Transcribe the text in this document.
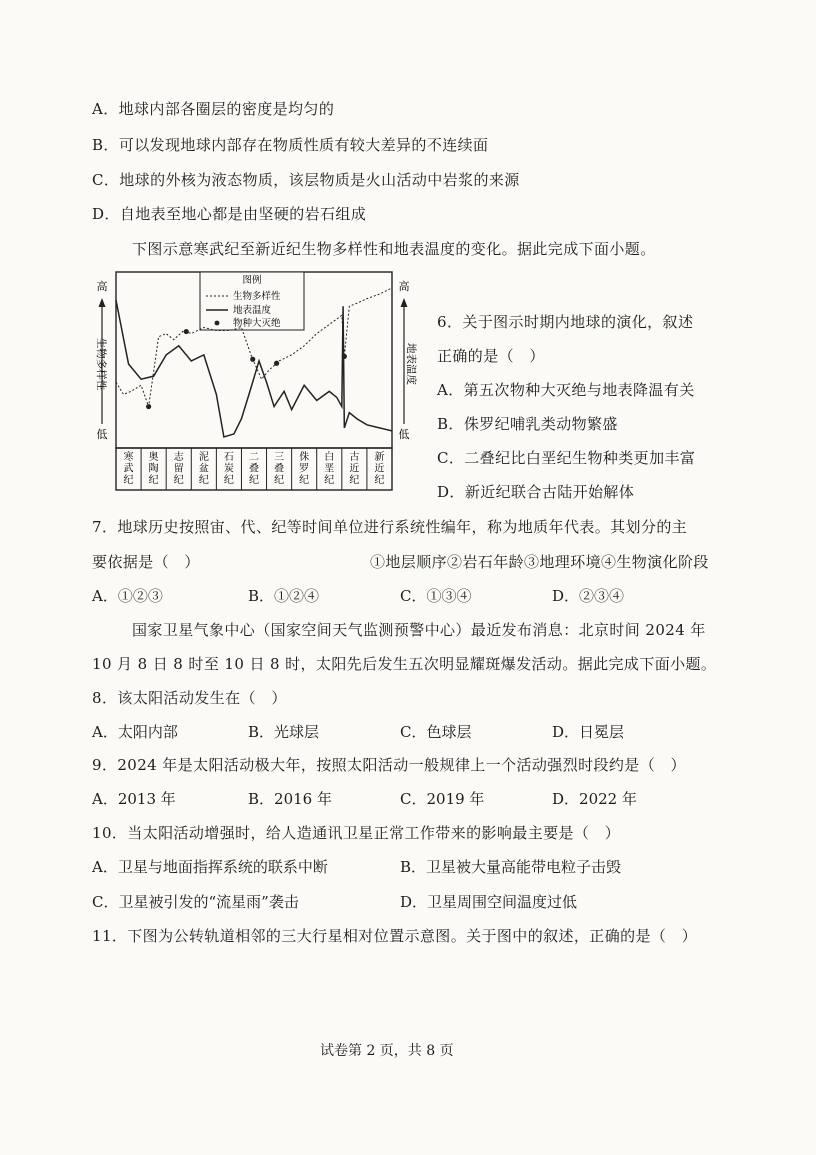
A．地球内部各圈层的密度是均匀的
B．可以发现地球内部存在物质性质有较大差异的不连续面
C．地球的外核为液态物质，该层物质是火山活动中岩浆的来源
D．自地表至地心都是由坚硬的岩石组成
下图示意寒武纪至新近纪生物多样性和地表温度的变化。据此完成下面小题。
寒武纪
奥陶纪
志留纪
泥盆纪
石炭纪
二叠纪
三叠纪
侏罗纪
白垩纪
古近纪
新近纪
高
低
高
低
生物多样性	地表温度
图例
生物多样性
地表温度
物种大灭绝	6．关于图示时期内地球的演化，叙述
正确的是（　）
A．第五次物种大灭绝与地表降温有关
B．侏罗纪哺乳类动物繁盛
C．二叠纪比白垩纪生物种类更加丰富
D．新近纪联合古陆开始解体
7．地球历史按照宙、代、纪等时间单位进行系统性编年，称为地质年代表。其划分的主
要依据是（　）	①地层顺序②岩石年龄③地理环境④生物演化阶段
A．①②③	B．①②④	C．①③④	D．②③④
国家卫星气象中心（国家空间天气监测预警中心）最近发布消息：北京时间 2024 年
10 月 8 日 8 时至 10 日 8 时，太阳先后发生五次明显耀斑爆发活动。据此完成下面小题。
8．该太阳活动发生在（　）
A．太阳内部	B．光球层	C．色球层	D．日冕层
9．2024 年是太阳活动极大年，按照太阳活动一般规律上一个活动强烈时段约是（　）
A．2013 年	B．2016 年	C．2019 年	D．2022 年
10．当太阳活动增强时，给人造通讯卫星正常工作带来的影响最主要是（　）
A．卫星与地面指挥系统的联系中断	B．卫星被大量高能带电粒子击毁
C．卫星被引发的“流星雨”袭击	D．卫星周围空间温度过低
11．下图为公转轨道相邻的三大行星相对位置示意图。关于图中的叙述，正确的是（　）
试卷第 2 页，共 8 页
